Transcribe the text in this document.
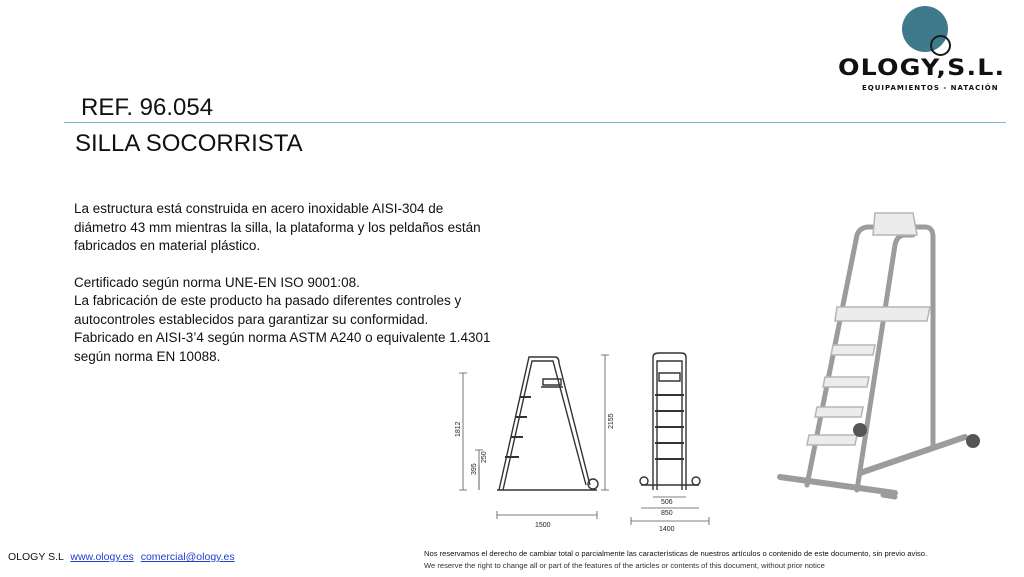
OLOGY,S.L.
EQUIPAMIENTOS - NATACIÓN
REF. 96.054
SILLA SOCORRISTA

La estructura está construida en acero inoxidable AISI-304 de

diámetro 43 mm mientras la silla, la plataforma y los peldaños están

fabricados en material plástico.

Certificado según norma UNE-EN ISO 9001:08.

La fabricación de este producto ha pasado diferentes controles y

autocontroles establecidos para garantizar su conformidad.

Fabricado en AISI-3’4 según norma ASTM A240 o equivalente 1.4301

según norma EN 10088.

1812
395
250
2155
1500
506
850
1400
OLOGY S.L www.ology.es comercial@ology.es	Nos reservamos el derecho de cambiar total o parcialmente las características de nuestros artículos o contenido de este documento, sin previo aviso.
We reserve the right to change all or part of the features of the articles or contents of this document, without prior notice
